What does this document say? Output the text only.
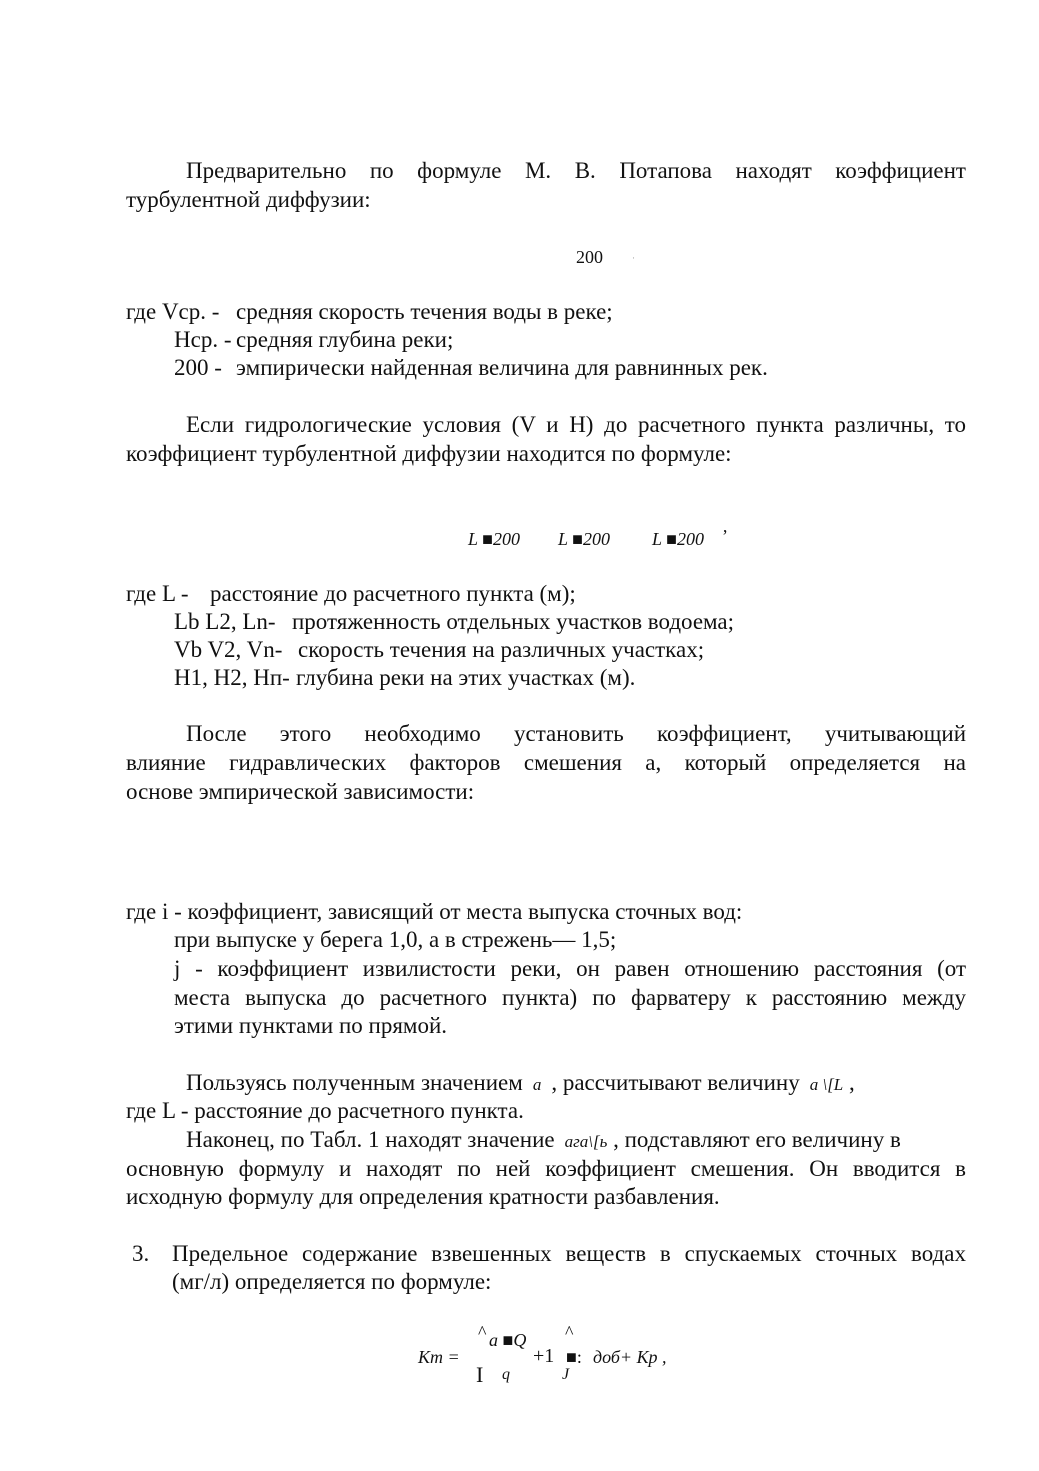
Предварительно по формуле М. В. Потапова находят коэффициент
турбулентной диффузии:
200	·
где Vср. - средняя скорость течения воды в реке;
Hср. - средняя глубина реки;
200 - эмпирически найденная величина для равнинных рек.
Если гидрологические условия (V и Н) до расчетного пункта различны, то
коэффициент турбулентной диффузии находится по формуле:
L ■200 L ■200 L ■200 ’
где L - расстояние до расчетного пункта (м);
Lb L2, Ln- протяженность отдельных участков водоема;
Vb V2, Vn- скорость течения на различных участках;
H1, H2, Hп- глубина реки на этих участках (м).
После этого необходимо установить коэффициент, учитывающий
влияние гидравлических факторов смешения а, который определяется на
основе эмпирической зависимости:
где i - коэффициент, зависящий от места выпуска сточных вод:
при выпуске у берега 1,0, а в стрежень— 1,5;
j - коэффициент извилистости реки, он равен отношению расстояния (от
места выпуска до расчетного пункта) по фарватеру к расстоянию между
этими пунктами по прямой.
Пользуясь полученным значением а , рассчитывают величину а \[L ,
где L - расстояние до расчетного пункта.
Наконец, по Табл. 1 находят значение ага\[ь , подставляют его величину в
основную формулу и находят по ней коэффициент смешения. Он вводится в
исходную формулу для определения кратности разбавления.
3. Предельное содержание взвешенных веществ в спускаемых сточных водах
(мг/л) определяется по формуле:
Кт =
^ а ■Q
+1
^
■: доб+ Кр ,
I q	J
